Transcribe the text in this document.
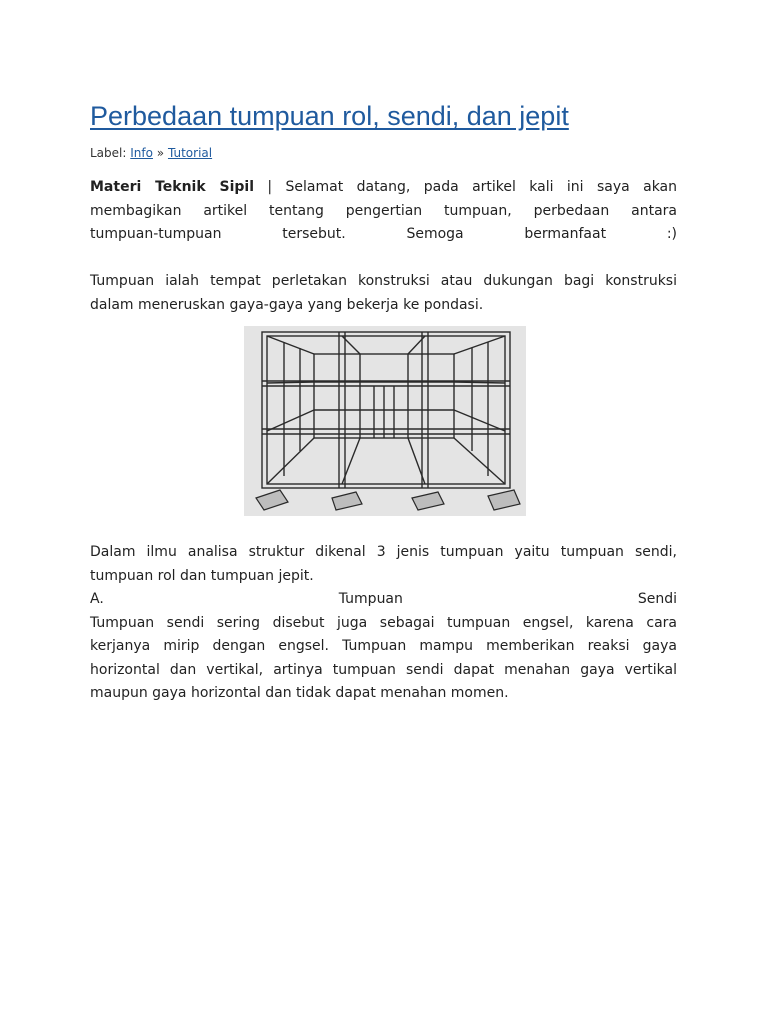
Perbedaan tumpuan rol, sendi, dan jepit
Label: Info » Tutorial
Materi Teknik Sipil | Selamat datang, pada artikel kali ini saya akan
membagikan artikel tentang pengertian tumpuan, perbedaan antara
tumpuan-tumpuan tersebut. Semoga bermanfaat :)
Tumpuan ialah tempat perletakan konstruksi atau dukungan bagi konstruksi
dalam meneruskan gaya-gaya yang bekerja ke pondasi.
Dalam ilmu analisa struktur dikenal 3 jenis tumpuan yaitu tumpuan sendi,
tumpuan rol dan tumpuan jepit.
A. Tumpuan Sendi
Tumpuan sendi sering disebut juga sebagai tumpuan engsel, karena cara
kerjanya mirip dengan engsel. Tumpuan mampu memberikan reaksi gaya
horizontal dan vertikal, artinya tumpuan sendi dapat menahan gaya vertikal
maupun gaya horizontal dan tidak dapat menahan momen.
